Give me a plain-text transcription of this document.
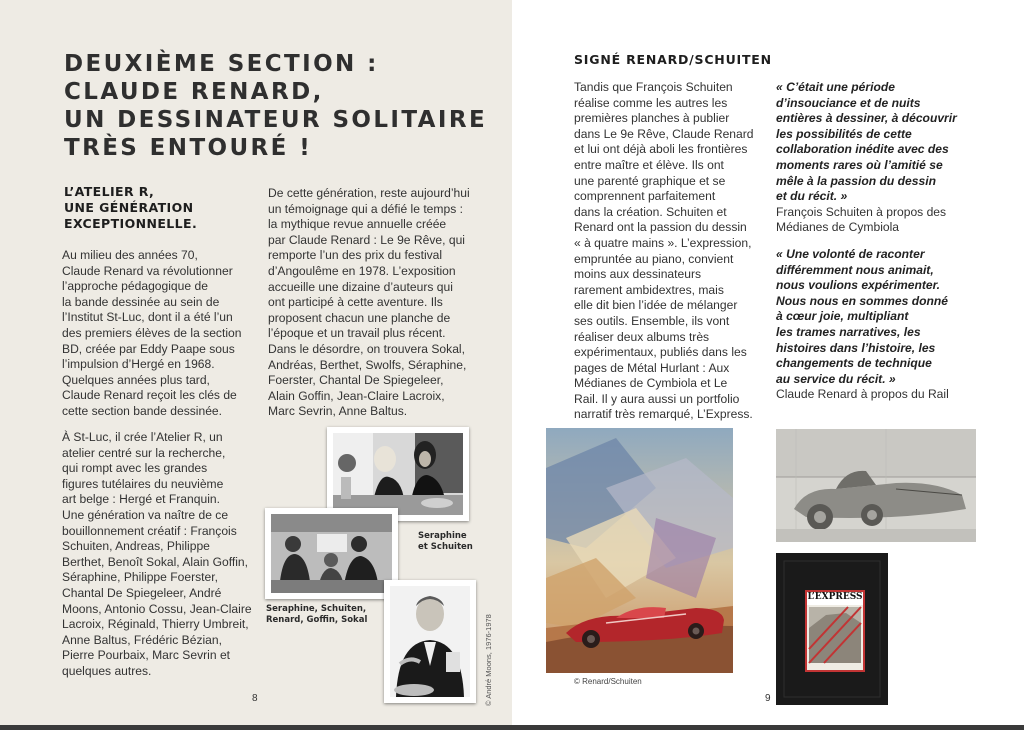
DEUXIÈME SECTION :
CLAUDE RENARD,
UN DESSINATEUR SOLITAIRE
TRÈS ENTOURÉ !
L’ATELIER R,
UNE GÉNÉRATION
EXCEPTIONNELLE.
Au milieu des années 70,
Claude Renard va révolutionner
l’approche pédagogique de
la bande dessinée au sein de
l’Institut St-Luc, dont il a été l’un
des premiers élèves de la section
BD, créée par Eddy Paape sous
l’impulsion d’Hergé en 1968.
Quelques années plus tard,
Claude Renard reçoit les clés de
cette section bande dessinée.
À St-Luc, il crée l’Atelier R, un
atelier centré sur la recherche,
qui rompt avec les grandes
figures tutélaires du neuvième
art belge : Hergé et Franquin.
Une génération va naître de ce
bouillonnement créatif : François
Schuiten, Andreas, Philippe
Berthet, Benoît Sokal, Alain Goffin,
Séraphine, Philippe Foerster,
Chantal De Spiegeleer, André
Moons, Antonio Cossu, Jean-Claire
Lacroix, Réginald, Thierry Umbreit,
Anne Baltus, Frédéric Bézian,
Pierre Pourbaix, Marc Sevrin et
quelques autres.
De cette génération, reste aujourd’hui
un témoignage qui a défié le temps :
la mythique revue annuelle créée
par Claude Renard : Le 9e Rêve, qui
remporte l’un des prix du festival
d’Angoulême en 1978. L’exposition
accueille une dizaine d’auteurs qui
ont participé à cette aventure. Ils
proposent chacun une planche de
l’époque et un travail plus récent.
Dans le désordre, on trouvera Sokal,
Andréas, Berthet, Swolfs, Séraphine,
Foerster, Chantal De Spiegeleer,
Alain Goffin, Jean-Claire Lacroix,
Marc Sevrin, Anne Baltus.
Seraphine
et Schuiten
Seraphine, Schuiten,
Renard, Goffin, Sokal	© André Moons, 1976-1978
8
SIGNÉ RENARD/SCHUITEN
Tandis que François Schuiten
réalise comme les autres les
premières planches à publier
dans Le 9e Rêve, Claude Renard
et lui ont déjà aboli les frontières
entre maître et élève. Ils ont
une parenté graphique et se
comprennent parfaitement
dans la création. Schuiten et
Renard ont la passion du dessin
« à quatre mains ». L’expression,
empruntée au piano, convient
moins aux dessinateurs
rarement ambidextres, mais
elle dit bien l’idée de mélanger
ses outils. Ensemble, ils vont
réaliser deux albums très
expérimentaux, publiés dans les
pages de Métal Hurlant : Aux
Médianes de Cymbiola et Le
Rail. Il y aura aussi un portfolio
narratif très remarqué, L’Express.
« C’était une période
d’insouciance et de nuits
entières à dessiner, à découvrir
les possibilités de cette
collaboration inédite avec des
moments rares où l’amitié se
mêle à la passion du dessin
et du récit. »
François Schuiten à propos des
Médianes de Cymbiola
« Une volonté de raconter
différemment nous animait,
nous voulions expérimenter.
Nous nous en sommes donné
à cœur joie, multipliant
les trames narratives, les
histoires dans l’histoire, les
changements de technique
au service du récit. »
Claude Renard à propos du Rail
© Renard/Schuiten
L’EXPRESS
9
